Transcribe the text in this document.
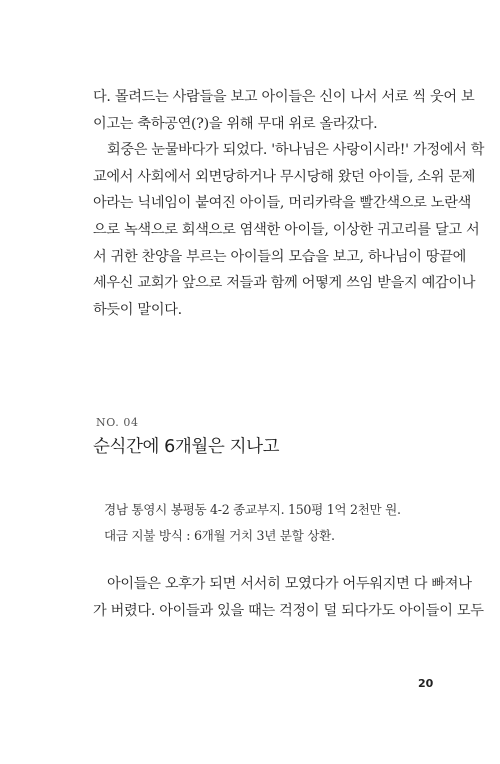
다. 몰려드는 사람들을 보고 아이들은 신이 나서 서로 씩 웃어 보
이고는 축하공연(?)을 위해 무대 위로 올라갔다.

회중은 눈물바다가 되었다. '하나님은 사랑이시라!' 가정에서 학
교에서 사회에서 외면당하거나 무시당해 왔던 아이들, 소위 문제
아라는 닉네임이 붙여진 아이들, 머리카락을 빨간색으로 노란색
으로 녹색으로 회색으로 염색한 아이들, 이상한 귀고리를 달고 서
서 귀한 찬양을 부르는 아이들의 모습을 보고, 하나님이 땅끝에
세우신 교회가 앞으로 저들과 함께 어떻게 쓰임 받을지 예감이나
하듯이 말이다.

NO. 04
순식간에 6개월은 지나고
경남 통영시 봉평동 4-2 종교부지. 150평 1억 2천만 원.
대금 지불 방식 : 6개월 거치 3년 분할 상환.

아이들은 오후가 되면 서서히 모였다가 어두워지면 다 빠져나
가 버렸다. 아이들과 있을 때는 걱정이 덜 되다가도 아이들이 모두

20
